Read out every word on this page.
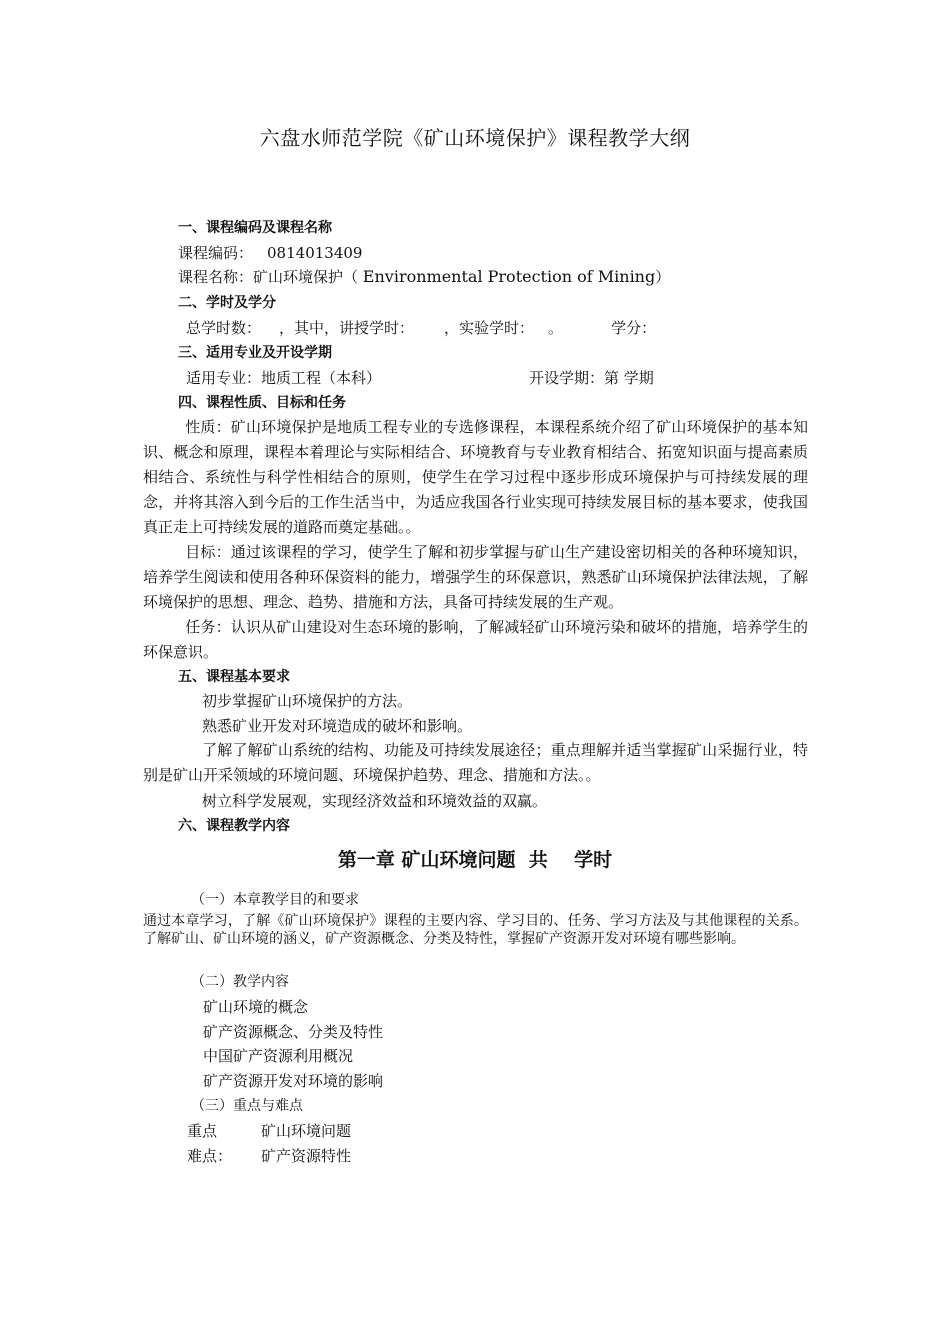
六盘水师范学院《矿山环境保护》课程教学大纲
一、课程编码及课程名称
课程编码： 0814013409
课程名称：矿山环境保护（ Environmental Protection of Mining）
二、学时及学分
总学时数： ，其中，讲授学时： ，实验学时： 。	学分：
三、适用专业及开设学期
适用专业：地质工程（本科）	开设学期：第 学期
四、课程性质、目标和任务
性质：矿山环境保护是地质工程专业的专选修课程，本课程系统介绍了矿山环境保护的基本知识、概念和原理，课程本着理论与实际相结合、环境教育与专业教育相结合、拓宽知识面与提高素质相结合、系统性与科学性相结合的原则，使学生在学习过程中逐步形成环境保护与可持续发展的理念，并将其溶入到今后的工作生活当中，为适应我国各行业实现可持续发展目标的基本要求，使我国真正走上可持续发展的道路而奠定基础。。
目标：通过该课程的学习，使学生了解和初步掌握与矿山生产建设密切相关的各种环境知识，培养学生阅读和使用各种环保资料的能力，增强学生的环保意识，熟悉矿山环境保护法律法规，了解环境保护的思想、理念、趋势、措施和方法，具备可持续发展的生产观。
任务：认识从矿山建设对生态环境的影响，了解减轻矿山环境污染和破坏的措施，培养学生的环保意识。
五、课程基本要求
初步掌握矿山环境保护的方法。
熟悉矿业开发对环境造成的破坏和影响。
了解了解矿山系统的结构、功能及可持续发展途径；重点理解并适当掌握矿山采掘行业，特别是矿山开采领域的环境问题、环境保护趋势、理念、措施和方法。。
树立科学发展观，实现经济效益和环境效益的双赢。
六、课程教学内容
第一章 矿山环境问题  共    学时
（一）本章教学目的和要求
通过本章学习，了解《矿山环境保护》课程的主要内容、学习目的、任务、学习方法及与其他课程的关系。了解矿山、矿山环境的涵义，矿产资源概念、分类及特性，掌握矿产资源开发对环境有哪些影响。
（二）教学内容
矿山环境的概念
矿产资源概念、分类及特性
中国矿产资源利用概况
矿产资源开发对环境的影响
（三）重点与难点
重点	矿山环境问题
难点： 矿产资源特性
